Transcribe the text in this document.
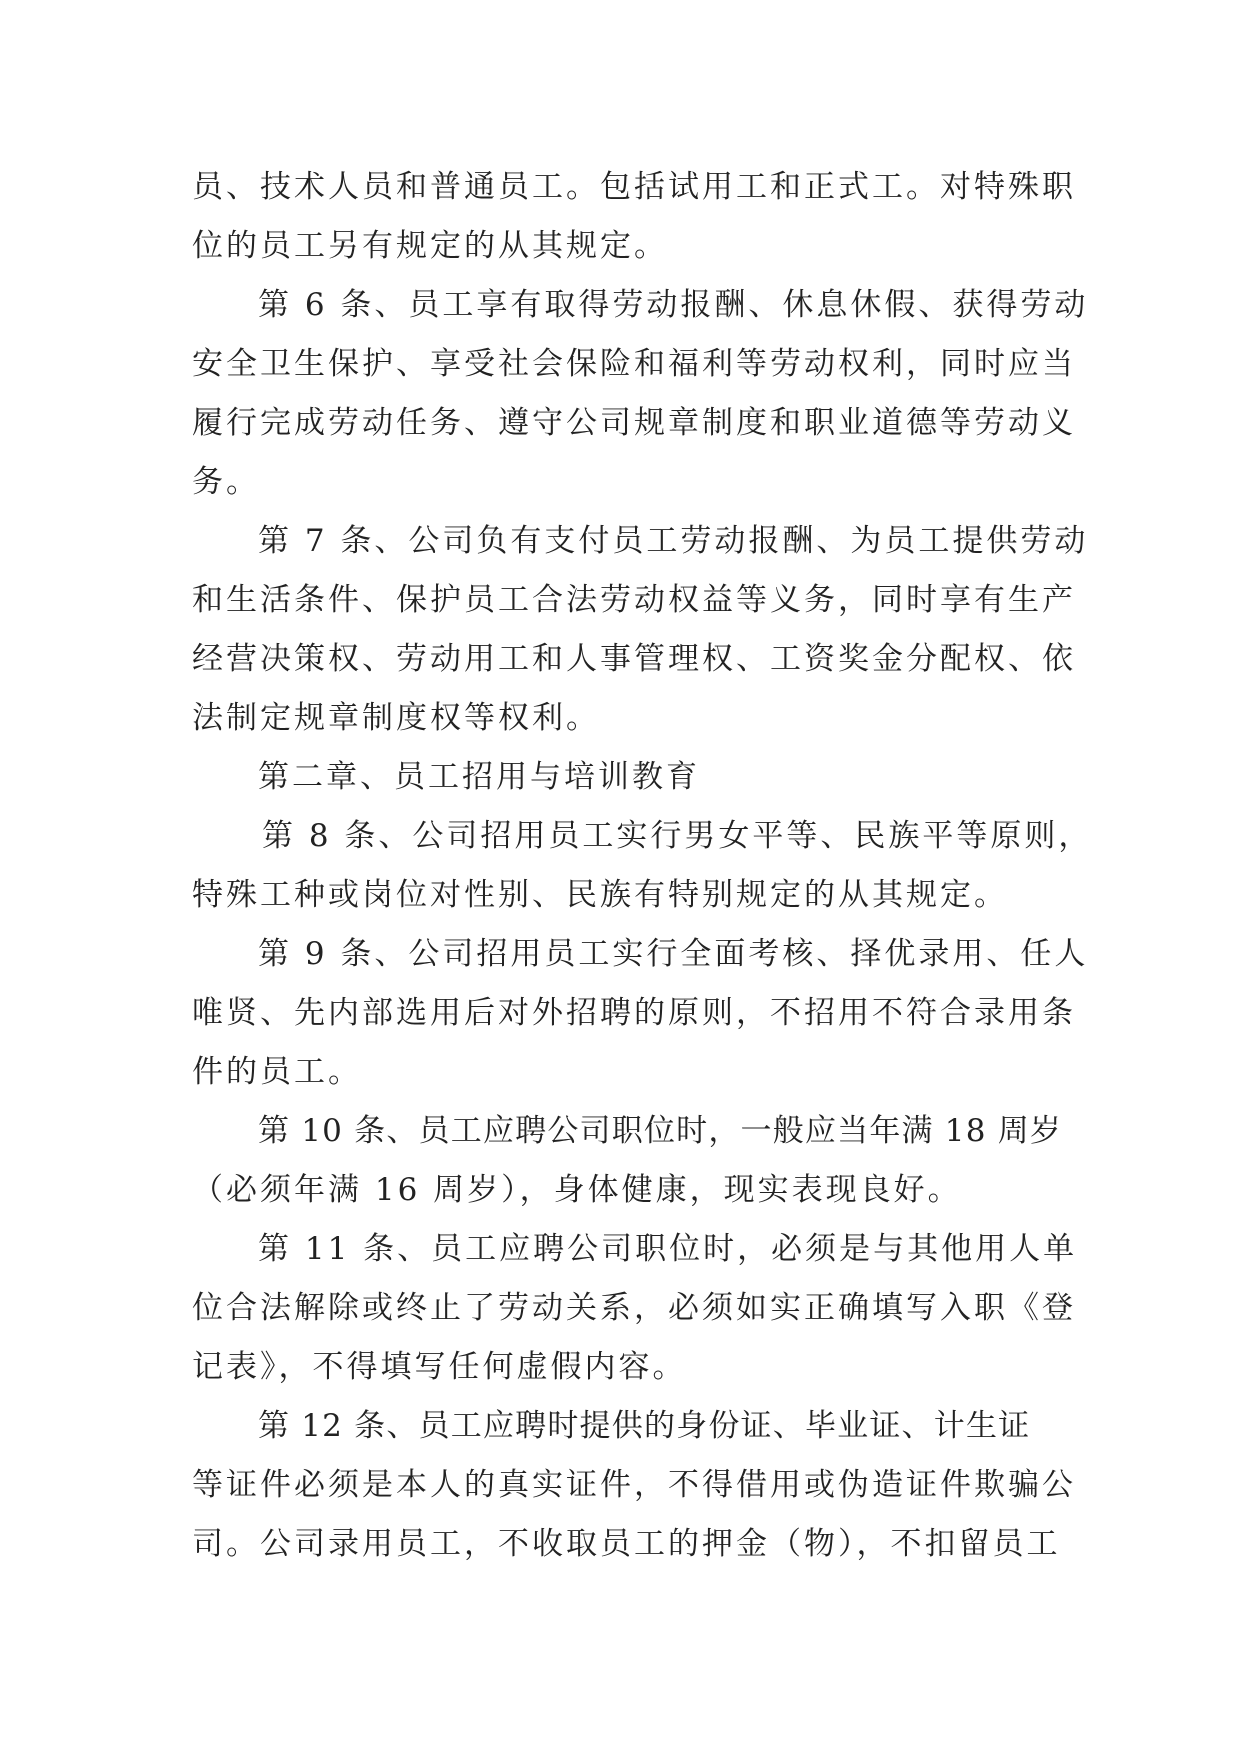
员、技术人员和普通员工。包括试用工和正式工。对特殊职
位的员工另有规定的从其规定。
第 6 条、员工享有取得劳动报酬、休息休假、获得劳动
安全卫生保护、享受社会保险和福利等劳动权利，同时应当
履行完成劳动任务、遵守公司规章制度和职业道德等劳动义
务。
第 7 条、公司负有支付员工劳动报酬、为员工提供劳动
和生活条件、保护员工合法劳动权益等义务，同时享有生产
经营决策权、劳动用工和人事管理权、工资奖金分配权、依
法制定规章制度权等权利。
第二章、员工招用与培训教育
第 8 条、公司招用员工实行男女平等、民族平等原则，
特殊工种或岗位对性别、民族有特别规定的从其规定。
第 9 条、公司招用员工实行全面考核、择优录用、任人
唯贤、先内部选用后对外招聘的原则，不招用不符合录用条
件的员工。
第 10 条、员工应聘公司职位时，一般应当年满 18 周岁
（必须年满 16 周岁），身体健康，现实表现良好。
第 11 条、员工应聘公司职位时，必须是与其他用人单
位合法解除或终止了劳动关系，必须如实正确填写入职《登
记表》，不得填写任何虚假内容。
第 12 条、员工应聘时提供的身份证、毕业证、计生证
等证件必须是本人的真实证件，不得借用或伪造证件欺骗公
司。公司录用员工，不收取员工的押金（物），不扣留员工
